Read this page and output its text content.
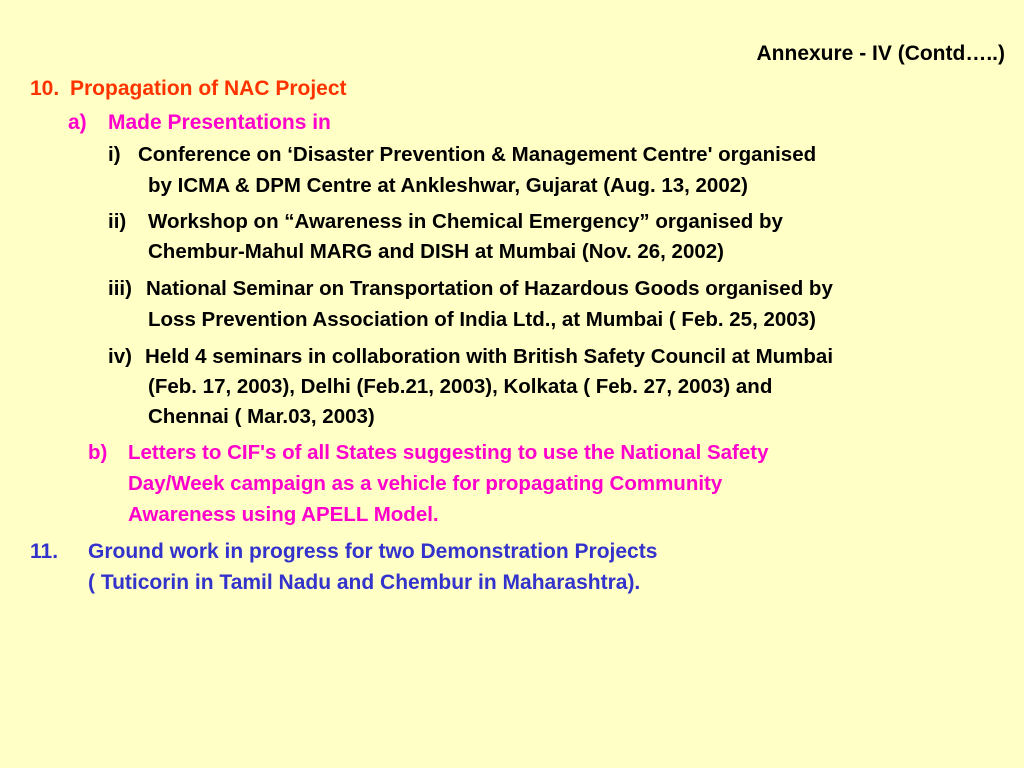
Annexure - IV (Contd…..)
10. Propagation of NAC Project
a) Made Presentations in
i) Conference on ‘Disaster Prevention & Management Centre' organised
by ICMA & DPM Centre at Ankleshwar, Gujarat (Aug. 13, 2002)
ii) Workshop on “Awareness in Chemical Emergency” organised by
Chembur-Mahul MARG and DISH at Mumbai (Nov. 26, 2002)
iii) National Seminar on Transportation of Hazardous Goods organised by
Loss Prevention Association of India Ltd., at Mumbai ( Feb. 25, 2003)
iv) Held 4 seminars in collaboration with British Safety Council at Mumbai
(Feb. 17, 2003), Delhi (Feb.21, 2003), Kolkata ( Feb. 27, 2003) and
Chennai ( Mar.03, 2003)
b) Letters to CIF's of all States suggesting to use the National Safety
Day/Week campaign as a vehicle for propagating Community
Awareness using APELL Model.
11. Ground work in progress for two Demonstration Projects
( Tuticorin in Tamil Nadu and Chembur in Maharashtra).
